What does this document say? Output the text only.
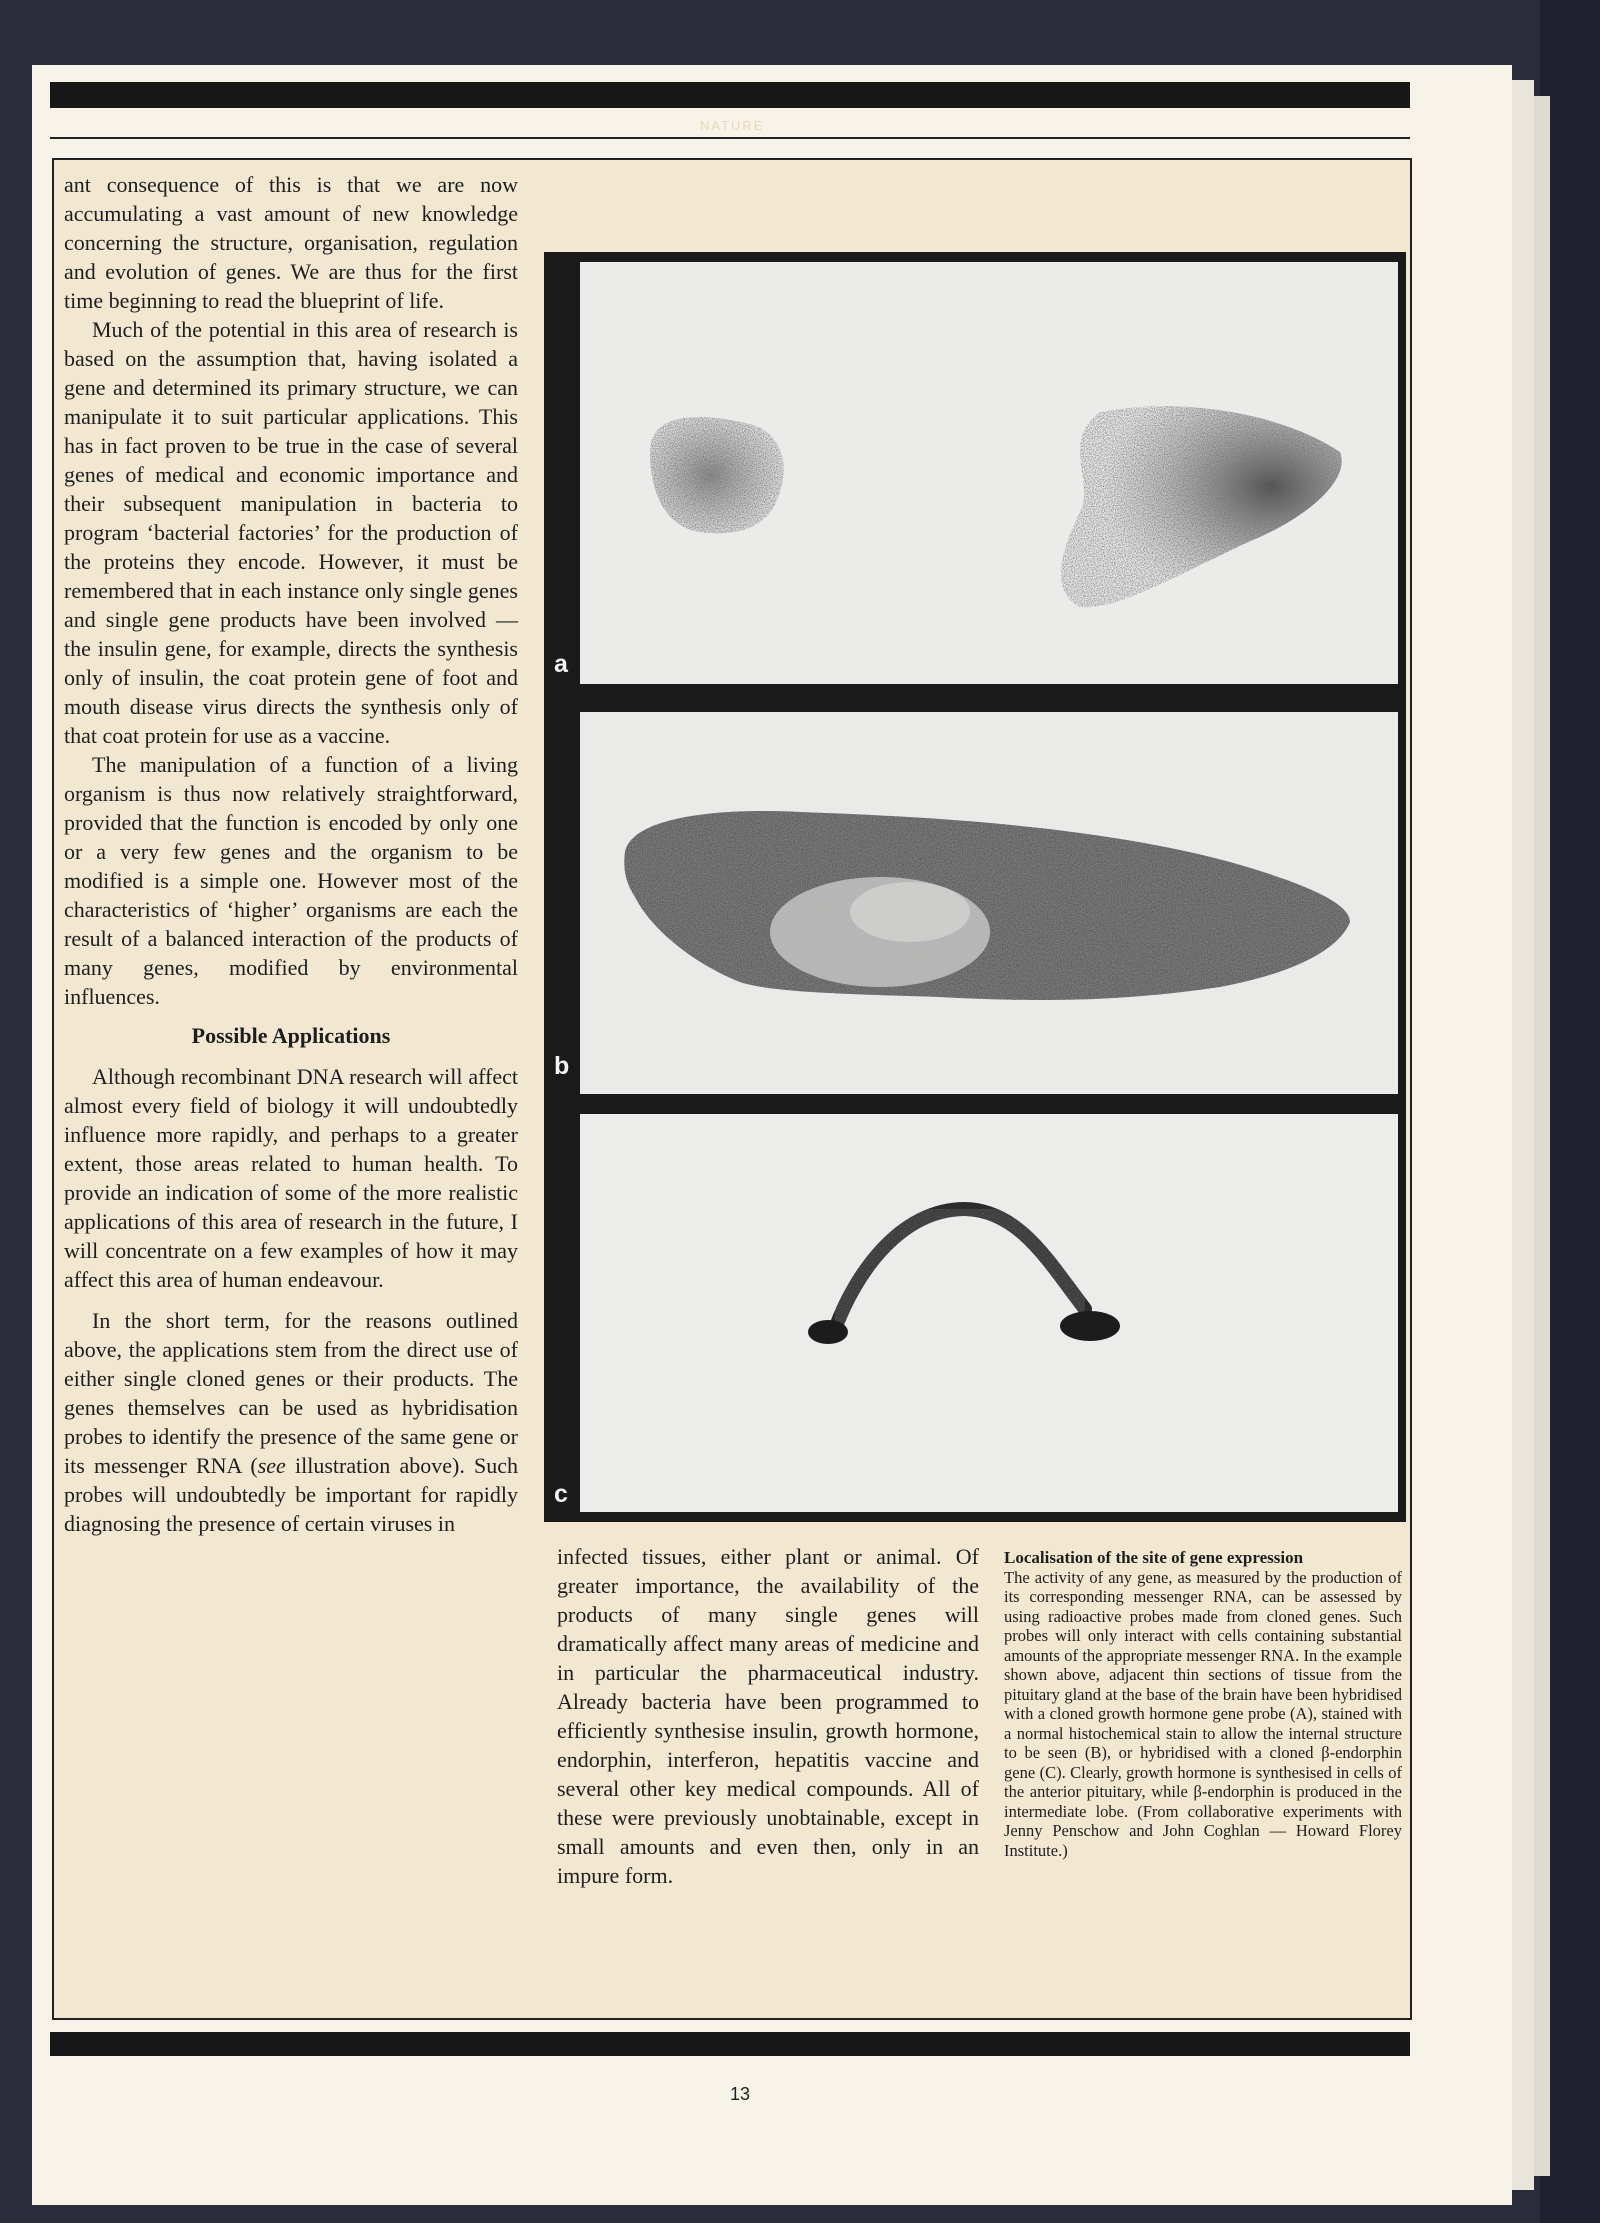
NATURE

ant consequence of this is that we are now accumulating a vast amount of new knowledge concerning the structure, organisation, regulation and evolution of genes. We are thus for the first time beginning to read the blueprint of life.

Much of the potential in this area of research is based on the assumption that, having isolated a gene and determined its primary structure, we can manipulate it to suit particular applications. This has in fact proven to be true in the case of several genes of medical and economic importance and their subsequent manipulation in bacteria to program ‘bacterial factories’ for the production of the proteins they encode. However, it must be remembered that in each instance only single genes and single gene products have been involved — the insulin gene, for example, directs the synthesis only of insulin, the coat protein gene of foot and mouth disease virus directs the synthesis only of that coat protein for use as a vaccine.

The manipulation of a function of a living organism is thus now relatively straightforward, provided that the function is encoded by only one or a very few genes and the organism to be modified is a simple one. However most of the characteristics of ‘higher’ organisms are each the result of a balanced interaction of the products of many genes, modified by environmental influences.

Possible Applications

Although recombinant DNA research will affect almost every field of biology it will undoubtedly influence more rapidly, and perhaps to a greater extent, those areas related to human health. To provide an indication of some of the more realistic applications of this area of research in the future, I will concentrate on a few examples of how it may affect this area of human endeavour.

In the short term, for the reasons outlined above, the applications stem from the direct use of either single cloned genes or their products. The genes themselves can be used as hybridisation probes to identify the presence of the same gene or its messenger RNA (see illustration above). Such probes will undoubtedly be important for rapidly diagnosing the presence of certain viruses in

a
b
c

infected tissues, either plant or animal. Of greater importance, the availability of the products of many single genes will dramatically affect many areas of medicine and in particular the pharmaceutical industry. Already bacteria have been programmed to efficiently synthesise insulin, growth hormone, endorphin, interferon, hepatitis vaccine and several other key medical compounds. All of these were previously unobtainable, except in small amounts and even then, only in an impure form.

Localisation of the site of gene expression

The activity of any gene, as measured by the production of its corresponding messenger RNA, can be assessed by using radioactive probes made from cloned genes. Such probes will only interact with cells containing substantial amounts of the appropriate messenger RNA. In the example shown above, adjacent thin sections of tissue from the pituitary gland at the base of the brain have been hybridised with a cloned growth hormone gene probe (A), stained with a normal histochemical stain to allow the internal structure to be seen (B), or hybridised with a cloned β-endorphin gene (C). Clearly, growth hormone is synthesised in cells of the anterior pituitary, while β-endorphin is produced in the intermediate lobe. (From collaborative experiments with Jenny Penschow and John Coghlan — Howard Florey Institute.)

13
